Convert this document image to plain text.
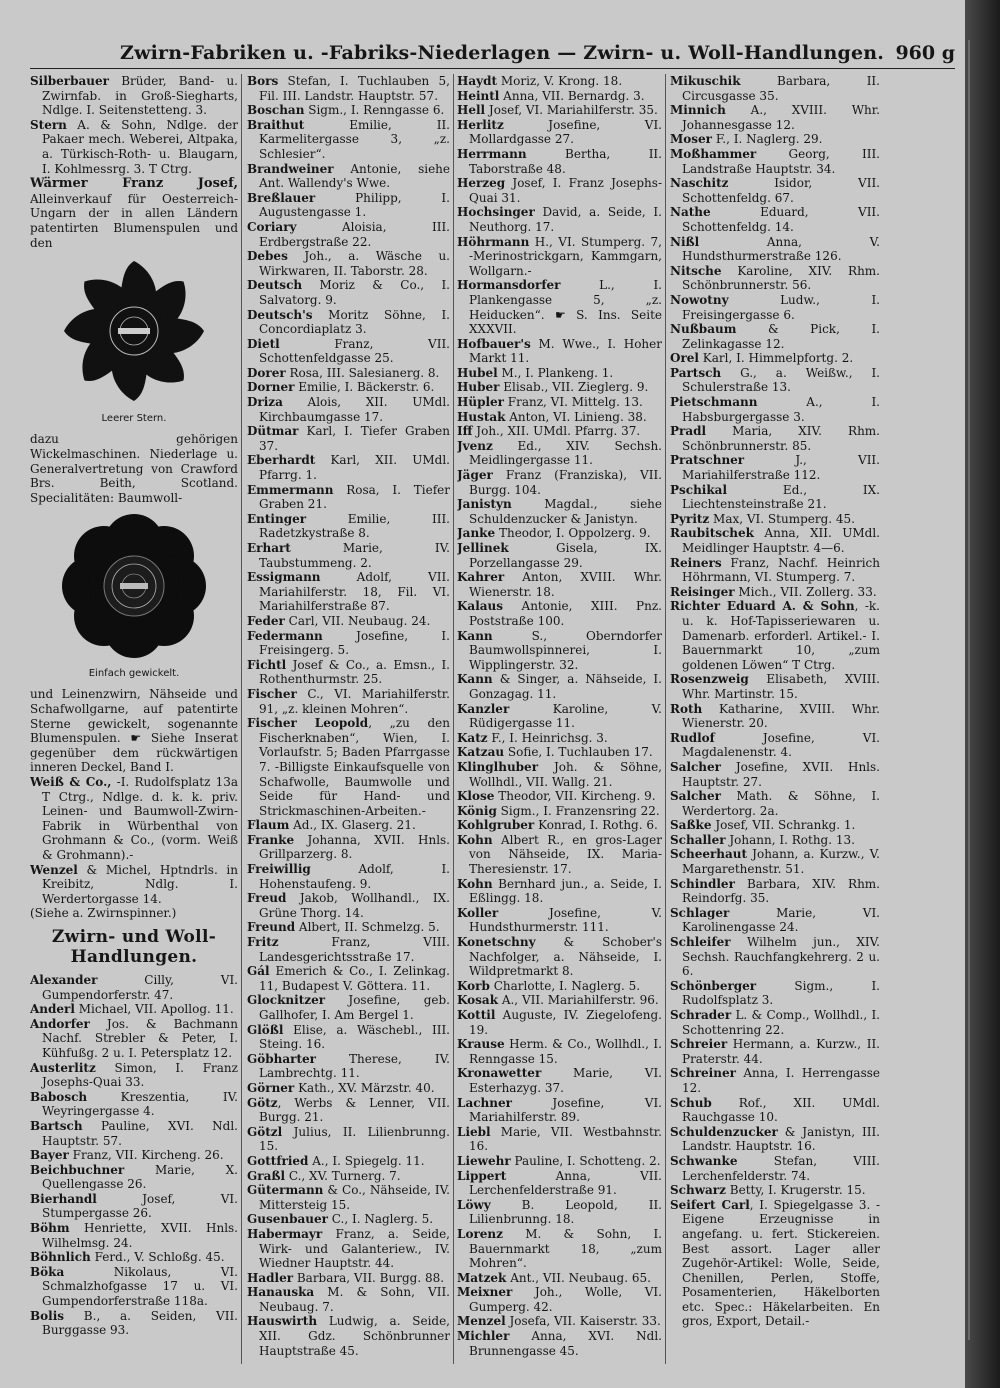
Zwirn-Fabriken u. -Fabriks-Niederlagen — Zwirn- u. Woll-Handlungen. 960 g

Silberbauer Brüder, Band- u. Zwirnfab. in Groß-Siegharts, Ndlge. I. Seitenstetteng. 3.

Stern A. & Sohn, Ndlge. der Pakaer mech. Weberei, Altpaka, a. Türkisch-Roth- u. Blaugarn, I. Kohlmessrg. 3. T Ctrg.

Wärmer Franz Josef, Alleinverkauf für Oesterreich-Ungarn der in allen Ländern patentirten Blumenspulen und den

Leerer Stern.

dazu gehörigen Wickelmaschinen. Niederlage u. Generalvertretung von Crawford Brs. Beith, Scotland. Specialitäten: Baumwoll-

Einfach gewickelt.

und Leinenzwirn, Nähseide und Schafwollgarne, auf patentirte Sterne gewickelt, sogenannte Blumenspulen. ☛ Siehe Inserat gegenüber dem rückwärtigen inneren Deckel, Band I.

Weiß & Co., -I. Rudolfsplatz 13a T Ctrg., Ndlge. d. k. k. priv. Leinen- und Baumwoll-Zwirn-Fabrik in Würbenthal von Grohmann & Co., (vorm. Weiß & Grohmann).-

Wenzel & Michel, Hptndrls. in Kreibitz, Ndlg. I. Werdertorgasse 14.

(Siehe a. Zwirnspinner.)

Zwirn- und Woll-Handlungen.

Alexander Cilly, VI. Gumpendorferstr. 47.

Anderl Michael, VII. Apollog. 11.

Andorfer Jos. & Bachmann Nachf. Strebler & Peter, I. Kühfußg. 2 u. I. Petersplatz 12.

Austerlitz Simon, I. Franz Josephs-Quai 33.

Babosch Kreszentia, IV. Weyringergasse 4.

Bartsch Pauline, XVI. Ndl. Hauptstr. 57.

Bayer Franz, VII. Kircheng. 26.

Beichbuchner Marie, X. Quellengasse 26.

Bierhandl Josef, VI. Stumpergasse 26.

Böhm Henriette, XVII. Hnls. Wilhelmsg. 24.

Böhnlich Ferd., V. Schloßg. 45.

Böka Nikolaus, VI. Schmalzhofgasse 17 u. VI. Gumpendorferstraße 118a.

Bolis B., a. Seiden, VII. Burggasse 93.

Bors Stefan, I. Tuchlauben 5, Fil. III. Landstr. Hauptstr. 57.

Boschan Sigm., I. Renngasse 6.

Braithut Emilie, II. Karmelitergasse 3, „z. Schlesier“.

Brandweiner Antonie, siehe Ant. Wallendy's Wwe.

Breßlauer Philipp, I. Augustengasse 1.

Coriary Aloisia, III. Erdbergstraße 22.

Debes Joh., a. Wäsche u. Wirkwaren, II. Taborstr. 28.

Deutsch Moriz & Co., I. Salvatorg. 9.

Deutsch's Moritz Söhne, I. Concordiaplatz 3.

Dietl Franz, VII. Schottenfeldgasse 25.

Dorer Rosa, III. Salesianerg. 8.

Dorner Emilie, I. Bäckerstr. 6.

Driza Alois, XII. UMdl. Kirchbaumgasse 17.

Dütmar Karl, I. Tiefer Graben 37.

Eberhardt Karl, XII. UMdl. Pfarrg. 1.

Emmermann Rosa, I. Tiefer Graben 21.

Entinger Emilie, III. Radetzkystraße 8.

Erhart Marie, IV. Taubstummeng. 2.

Essigmann Adolf, VII. Mariahilferstr. 18, Fil. VI. Mariahilferstraße 87.

Feder Carl, VII. Neubaug. 24.

Federmann Josefine, I. Freisingerg. 5.

Fichtl Josef & Co., a. Emsn., I. Rothenthurmstr. 25.

Fischer C., VI. Mariahilferstr. 91, „z. kleinen Mohren“.

Fischer Leopold, „zu den Fischerknaben“, Wien, I. Vorlaufstr. 5; Baden Pfarrgasse 7. -Billigste Einkaufsquelle von Schafwolle, Baumwolle und Seide für Hand- und Strickmaschinen-Arbeiten.-

Flaum Ad., IX. Glaserg. 21.

Franke Johanna, XVII. Hnls. Grillparzerg. 8.

Freiwillig Adolf, I. Hohenstaufeng. 9.

Freud Jakob, Wollhandl., IX. Grüne Thorg. 14.

Freund Albert, II. Schmelzg. 5.

Fritz Franz, VIII. Landesgerichtsstraße 17.

Gál Emerich & Co., I. Zelinkag. 11, Budapest V. Göttera. 11.

Glocknitzer Josefine, geb. Gallhofer, I. Am Bergel 1.

Glößl Elise, a. Wäschebl., III. Steing. 16.

Göbharter Therese, IV. Lambrechtg. 11.

Görner Kath., XV. Märzstr. 40.

Götz, Werbs & Lenner, VII. Burgg. 21.

Götzl Julius, II. Lilienbrunng. 15.

Gottfried A., I. Spiegelg. 11.

Graßl C., XV. Turnerg. 7.

Gütermann & Co., Nähseide, IV. Mittersteig 15.

Gusenbauer C., I. Naglerg. 5.

Habermayr Franz, a. Seide, Wirk- und Galanteriew., IV. Wiedner Hauptstr. 44.

Hadler Barbara, VII. Burgg. 88.

Hanauska M. & Sohn, VII. Neubaug. 7.

Hauswirth Ludwig, a. Seide, XII. Gdz. Schönbrunner Hauptstraße 45.

Haydt Moriz, V. Krong. 18.

Heintl Anna, VII. Bernardg. 3.

Hell Josef, VI. Mariahilferstr. 35.

Herlitz Josefine, VI. Mollardgasse 27.

Herrmann Bertha, II. Taborstraße 48.

Herzeg Josef, I. Franz Josephs-Quai 31.

Hochsinger David, a. Seide, I. Neuthorg. 17.

Höhrmann H., VI. Stumperg. 7, -Merinostrickgarn, Kammgarn, Wollgarn.-

Hormansdorfer L., I. Plankengasse 5, „z. Heiducken“. ☛ S. Ins. Seite XXXVII.

Hofbauer's M. Wwe., I. Hoher Markt 11.

Hubel M., I. Plankeng. 1.

Huber Elisab., VII. Zieglerg. 9.

Hüpler Franz, VI. Mittelg. 13.

Hustak Anton, VI. Linieng. 38.

Iff Joh., XII. UMdl. Pfarrg. 37.

Jvenz Ed., XIV. Sechsh. Meidlingergasse 11.

Jäger Franz (Franziska), VII. Burgg. 104.

Janistyn Magdal., siehe Schuldenzucker & Janistyn.

Janke Theodor, I. Oppolzerg. 9.

Jellinek Gisela, IX. Porzellangasse 29.

Kahrer Anton, XVIII. Whr. Wienerstr. 18.

Kalaus Antonie, XIII. Pnz. Poststraße 100.

Kann S., Oberndorfer Baumwollspinnerei, I. Wipplingerstr. 32.

Kann & Singer, a. Nähseide, I. Gonzagag. 11.

Kanzler Karoline, V. Rüdigergasse 11.

Katz F., I. Heinrichsg. 3.

Katzau Sofie, I. Tuchlauben 17.

Klinglhuber Joh. & Söhne, Wollhdl., VII. Wallg. 21.

Klose Theodor, VII. Kircheng. 9.

König Sigm., I. Franzensring 22.

Kohlgruber Konrad, I. Rothg. 6.

Kohn Albert R., en gros-Lager von Nähseide, IX. Maria-Theresienstr. 17.

Kohn Bernhard jun., a. Seide, I. Eßlingg. 18.

Koller Josefine, V. Hundsthurmerstr. 111.

Konetschny & Schober's Nachfolger, a. Nähseide, I. Wildpretmarkt 8.

Korb Charlotte, I. Naglerg. 5.

Kosak A., VII. Mariahilferstr. 96.

Kottil Auguste, IV. Ziegelofeng. 19.

Krause Herm. & Co., Wollhdl., I. Renngasse 15.

Kronawetter Marie, VI. Esterhazyg. 37.

Lachner Josefine, VI. Mariahilferstr. 89.

Liebl Marie, VII. Westbahnstr. 16.

Liewehr Pauline, I. Schotteng. 2.

Lippert Anna, VII. Lerchenfelderstraße 91.

Löwy B. Leopold, II. Lilienbrunng. 18.

Lorenz M. & Sohn, I. Bauernmarkt 18, „zum Mohren“.

Matzek Ant., VII. Neubaug. 65.

Meixner Joh., Wolle, VI. Gumperg. 42.

Menzel Josefa, VII. Kaiserstr. 33.

Michler Anna, XVI. Ndl. Brunnengasse 45.

Mikuschik Barbara, II. Circusgasse 35.

Minnich A., XVIII. Whr. Johannesgasse 12.

Moser F., I. Naglerg. 29.

Moßhammer Georg, III. Landstraße Hauptstr. 34.

Naschitz Isidor, VII. Schottenfeldg. 67.

Nathe Eduard, VII. Schottenfeldg. 14.

Nißl Anna, V. Hundsthurmerstraße 126.

Nitsche Karoline, XIV. Rhm. Schönbrunnerstr. 56.

Nowotny Ludw., I. Freisingergasse 6.

Nußbaum & Pick, I. Zelinkagasse 12.

Orel Karl, I. Himmelpfortg. 2.

Partsch G., a. Weißw., I. Schulerstraße 13.

Pietschmann A., I. Habsburgergasse 3.

Pradl Maria, XIV. Rhm. Schönbrunnerstr. 85.

Pratschner J., VII. Mariahilferstraße 112.

Pschikal Ed., IX. Liechtensteinstraße 21.

Pyritz Max, VI. Stumperg. 45.

Raubitschek Anna, XII. UMdl. Meidlinger Hauptstr. 4—6.

Reiners Franz, Nachf. Heinrich Höhrmann, VI. Stumperg. 7.

Reisinger Mich., VII. Zollerg. 33.

Richter Eduard A. & Sohn, -k. u. k. Hof-Tapisseriewaren u. Damenarb. erforderl. Artikel.- I. Bauernmarkt 10, „zum goldenen Löwen“ T Ctrg.

Rosenzweig Elisabeth, XVIII. Whr. Martinstr. 15.

Roth Katharine, XVIII. Whr. Wienerstr. 20.

Rudlof Josefine, VI. Magdalenenstr. 4.

Salcher Josefine, XVII. Hnls. Hauptstr. 27.

Salcher Math. & Söhne, I. Werdertorg. 2a.

Saßke Josef, VII. Schrankg. 1.

Schaller Johann, I. Rothg. 13.

Scheerhaut Johann, a. Kurzw., V. Margarethenstr. 51.

Schindler Barbara, XIV. Rhm. Reindorfg. 35.

Schlager Marie, VI. Karolinengasse 24.

Schleifer Wilhelm jun., XIV. Sechsh. Rauchfangkehrerg. 2 u. 6.

Schönberger Sigm., I. Rudolfsplatz 3.

Schrader L. & Comp., Wollhdl., I. Schottenring 22.

Schreier Hermann, a. Kurzw., II. Praterstr. 44.

Schreiner Anna, I. Herrengasse 12.

Schub Rof., XII. UMdl. Rauchgasse 10.

Schuldenzucker & Janistyn, III. Landstr. Hauptstr. 16.

Schwanke Stefan, VIII. Lerchenfelderstr. 74.

Schwarz Betty, I. Krugerstr. 15.

Seifert Carl, I. Spiegelgasse 3. -Eigene Erzeugnisse in angefang. u. fert. Stickereien. Best assort. Lager aller Zugehör-Artikel: Wolle, Seide, Chenillen, Perlen, Stoffe, Posamenterien, Häkelborten etc. Spec.: Häkelarbeiten. En gros, Export, Detail.-
